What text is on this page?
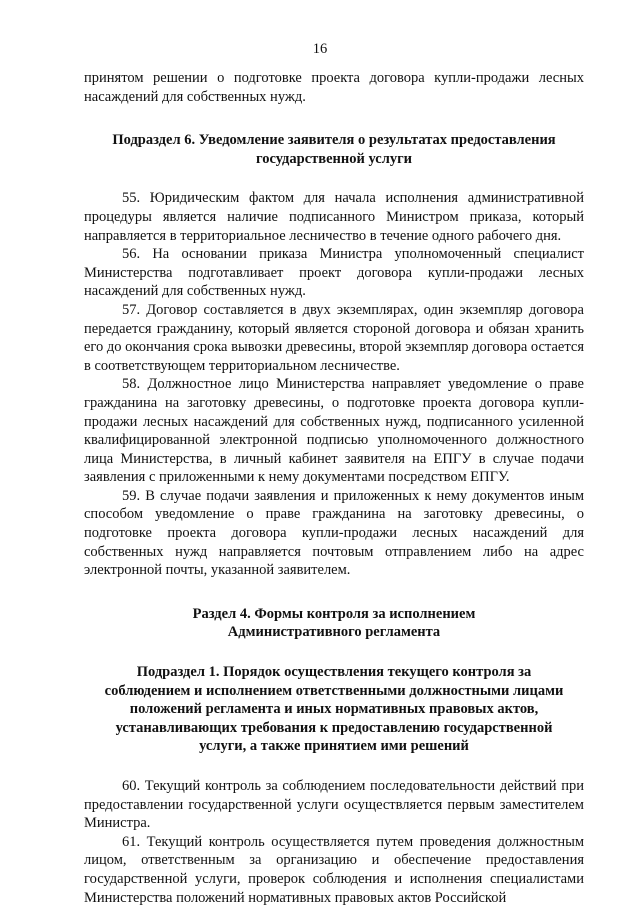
16

принятом решении о подготовке проекта договора купли-продажи лесных насаждений для собственных нужд.

Подраздел 6. Уведомление заявителя о результатах предоставления государственной услуги

55. Юридическим фактом для начала исполнения административной процедуры является наличие подписанного Министром приказа, который направляется в территориальное лесничество в течение одного рабочего дня.

56. На основании приказа Министра уполномоченный специалист Министерства подготавливает проект договора купли-продажи лесных насаждений для собственных нужд.

57. Договор составляется в двух экземплярах, один экземпляр договора передается гражданину, который является стороной договора и обязан хранить его до окончания срока вывозки древесины, второй экземпляр договора остается в соответствующем территориальном лесничестве.

58. Должностное лицо Министерства направляет уведомление о праве гражданина на заготовку древесины, о подготовке проекта договора купли-продажи лесных насаждений для собственных нужд, подписанного усиленной квалифицированной электронной подписью уполномоченного должностного лица Министерства, в личный кабинет заявителя на ЕПГУ в случае подачи заявления с приложенными к нему документами посредством ЕПГУ.

59. В случае подачи заявления и приложенных к нему документов иным способом уведомление о праве гражданина на заготовку древесины, о подготовке проекта договора купли-продажи лесных насаждений для собственных нужд направляется почтовым отправлением либо на адрес электронной почты, указанной заявителем.

Раздел 4. Формы контроля за исполнением Административного регламента
Подраздел 1. Порядок осуществления текущего контроля за соблюдением и исполнением ответственными должностными лицами положений регламента и иных нормативных правовых актов, устанавливающих требования к предоставлению государственной услуги, а также принятием ими решений

60. Текущий контроль за соблюдением последовательности действий при предоставлении государственной услуги осуществляется первым заместителем Министра.

61. Текущий контроль осуществляется путем проведения должностным лицом, ответственным за организацию и обеспечение предоставления государственной услуги, проверок соблюдения и исполнения специалистами Министерства положений нормативных правовых актов Российской
